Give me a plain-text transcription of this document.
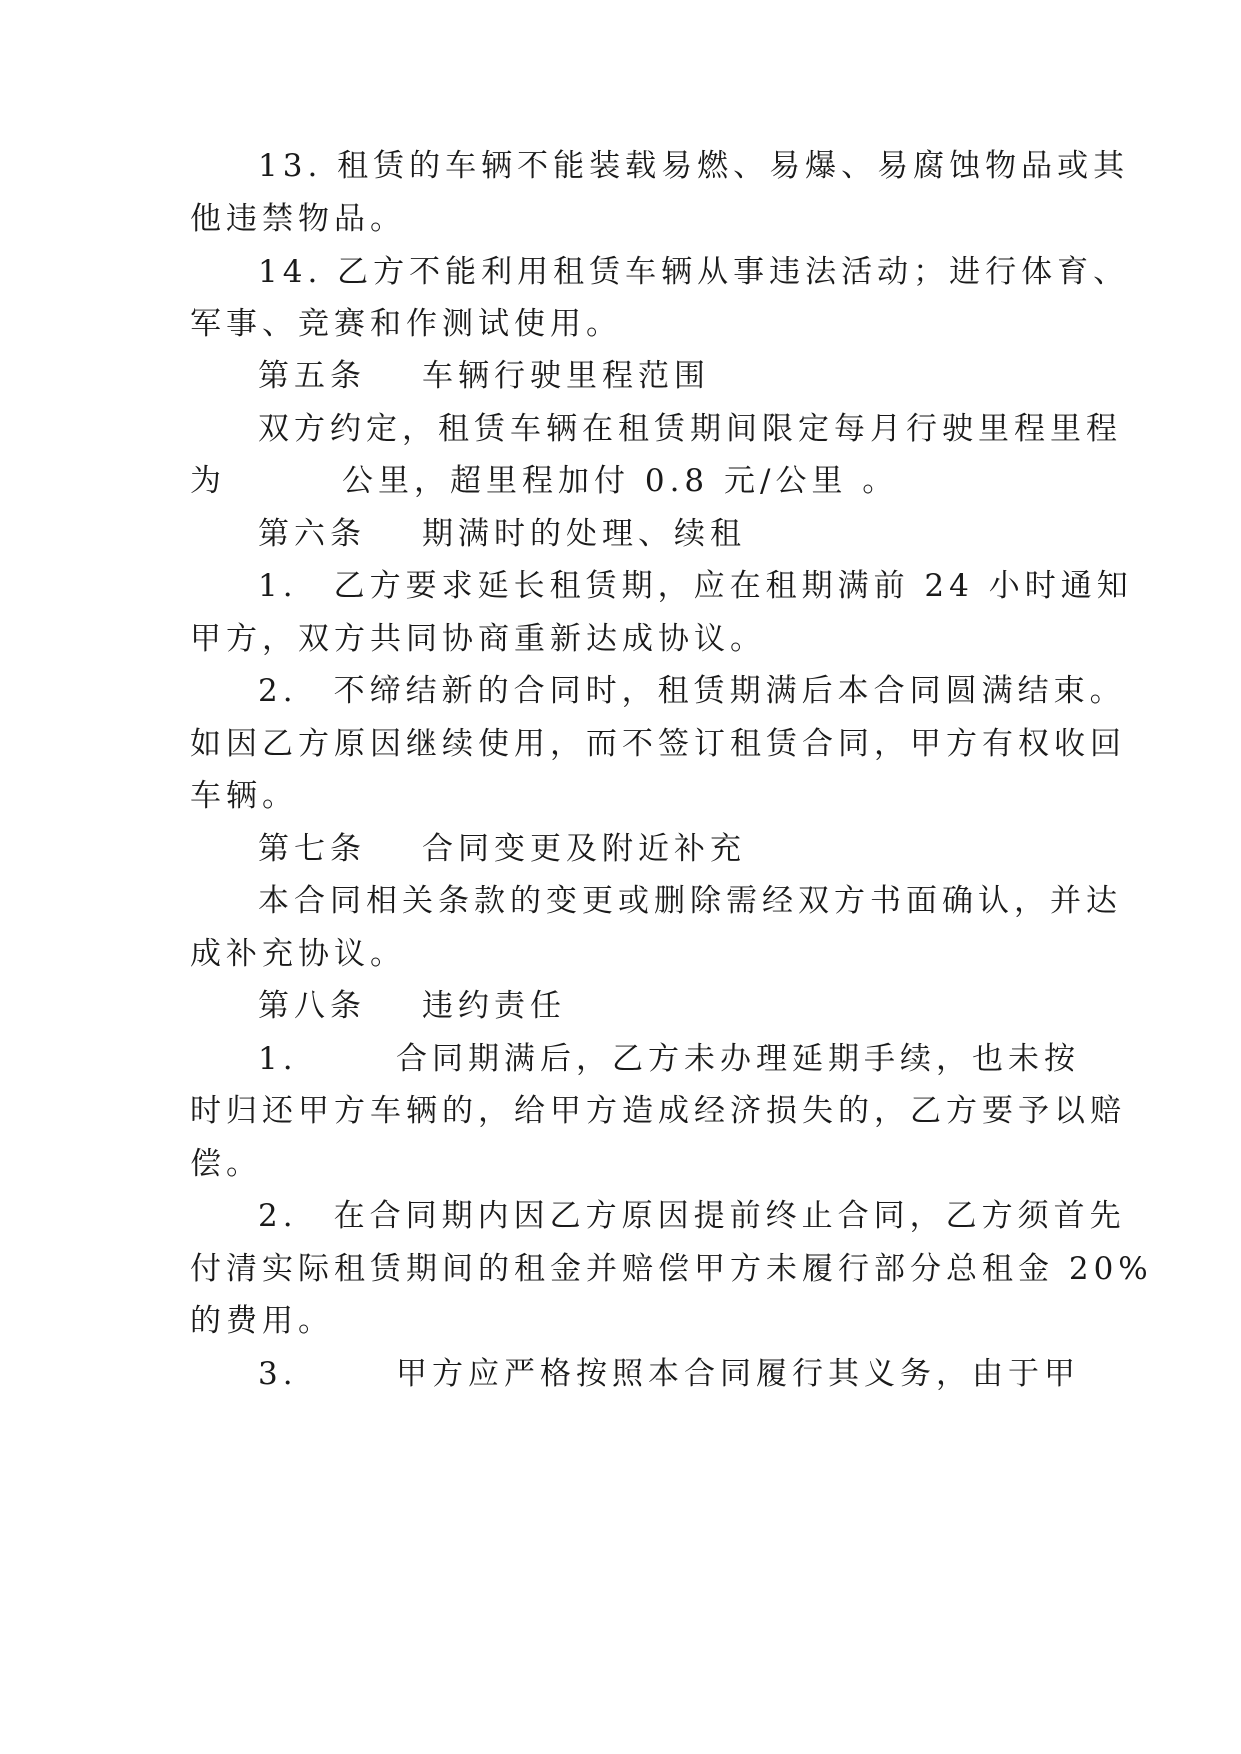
13. 租赁的车辆不能装载易燃、易爆、易腐蚀物品或其
他违禁物品。
14. 乙方不能利用租赁车辆从事违法活动；进行体育、
军事、竞赛和作测试使用。

第五条

车辆行驶里程范围

双方约定，租赁车辆在租赁期间限定每月行驶里程里程

为

	公里，超里程加付 0.8 元/公里 。

第六条

期满时的处理、续租

1.　乙方要求延长租赁期，应在租期满前 24 小时通知
甲方，双方共同协商重新达成协议。
2.　不缔结新的合同时，租赁期满后本合同圆满结束。
如因乙方原因继续使用，而不签订租赁合同，甲方有权收回
车辆。

第七条

合同变更及附近补充

本合同相关条款的变更或删除需经双方书面确认，并达
成补充协议。

第八条

违约责任

1.

	合同期满后，乙方未办理延期手续，也未按

时归还甲方车辆的，给甲方造成经济损失的，乙方要予以赔
偿。
2.　在合同期内因乙方原因提前终止合同，乙方须首先
付清实际租赁期间的租金并赔偿甲方未履行部分总租金 20%
的费用。

3.

	甲方应严格按照本合同履行其义务，由于甲
